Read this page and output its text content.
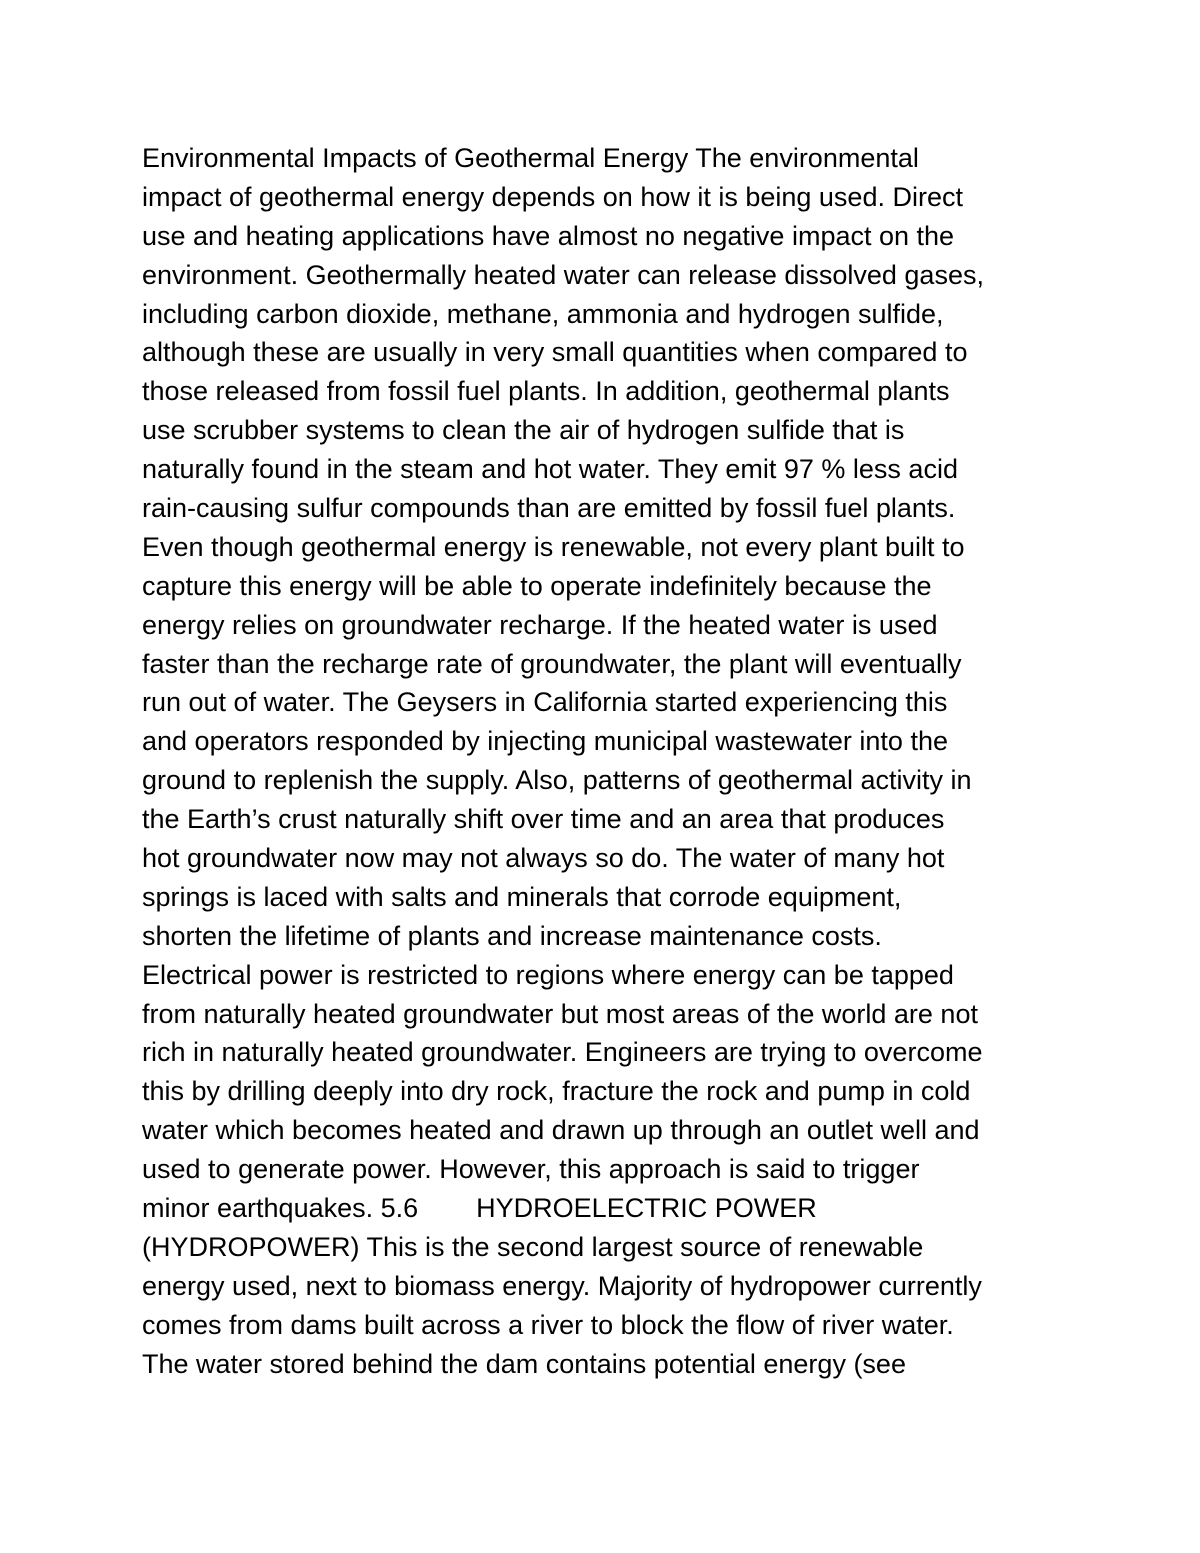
Environmental Impacts of Geothermal Energy The environmental
impact of geothermal energy depends on how it is being used. Direct
use and heating applications have almost no negative impact on the
environment. Geothermally heated water can release dissolved gases,
including carbon dioxide, methane, ammonia and hydrogen sulfide,
although these are usually in very small quantities when compared to
those released from fossil fuel plants. In addition, geothermal plants
use scrubber systems to clean the air of hydrogen sulfide that is
naturally found in the steam and hot water. They emit 97 % less acid
rain-causing sulfur compounds than are emitted by fossil fuel plants.
Even though geothermal energy is renewable, not every plant built to
capture this energy will be able to operate indefinitely because the
energy relies on groundwater recharge. If the heated water is used
faster than the recharge rate of groundwater, the plant will eventually
run out of water. The Geysers in California started experiencing this
and operators responded by injecting municipal wastewater into the
ground to replenish the supply. Also, patterns of geothermal activity in
the Earth’s crust naturally shift over time and an area that produces
hot groundwater now may not always so do. The water of many hot
springs is laced with salts and minerals that corrode equipment,
shorten the lifetime of plants and increase maintenance costs.
Electrical power is restricted to regions where energy can be tapped
from naturally heated groundwater but most areas of the world are not
rich in naturally heated groundwater. Engineers are trying to overcome
this by drilling deeply into dry rock, fracture the rock and pump in cold
water which becomes heated and drawn up through an outlet well and
used to generate power. However, this approach is said to trigger
minor earthquakes. 5.6 HYDROELECTRIC POWER
(HYDROPOWER) This is the second largest source of renewable
energy used, next to biomass energy. Majority of hydropower currently
comes from dams built across a river to block the flow of river water.
The water stored behind the dam contains potential energy (see
